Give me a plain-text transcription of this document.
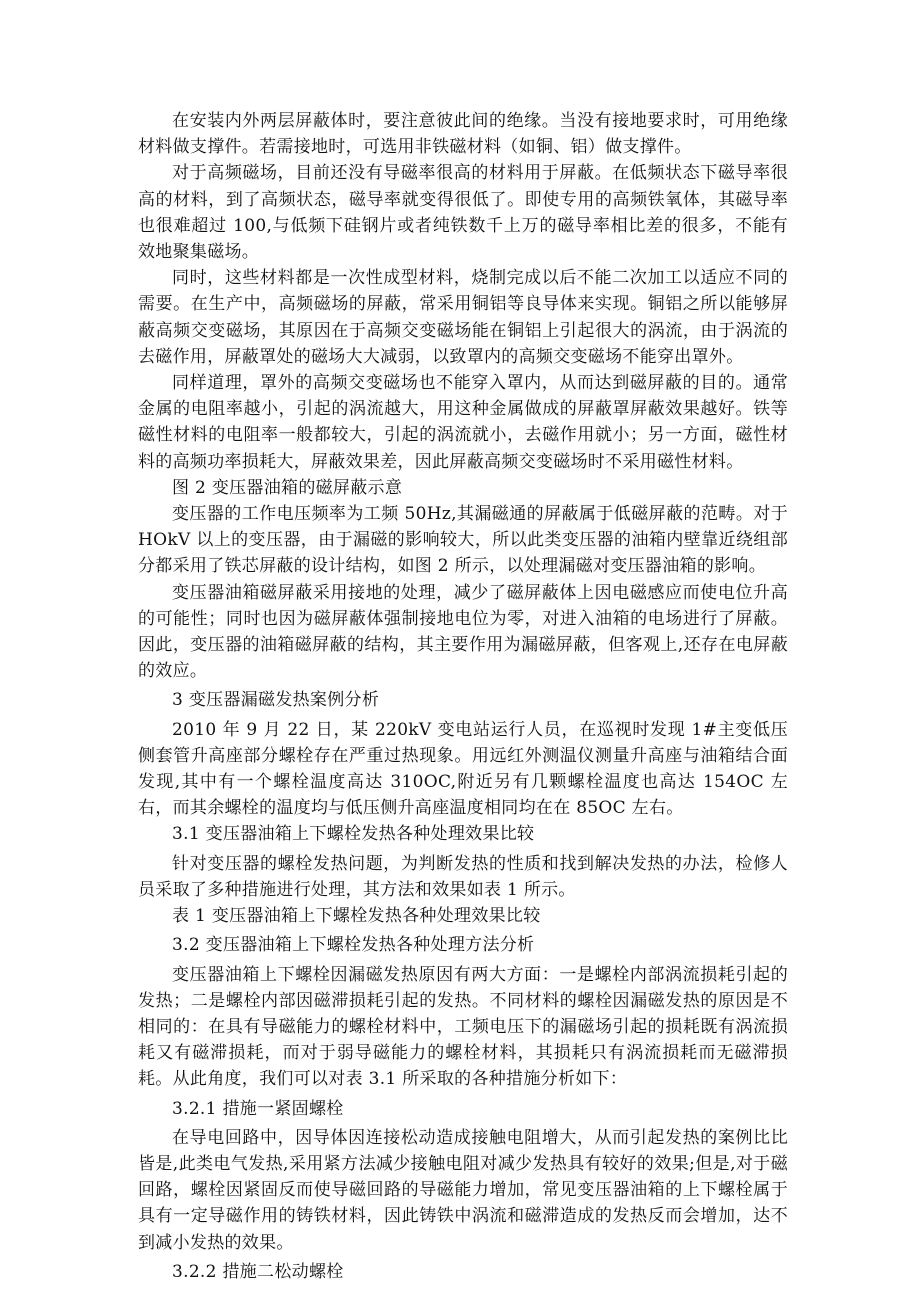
在安装内外两层屏蔽体时，要注意彼此间的绝缘。当没有接地要求时，可用绝缘材料做支撑件。若需接地时，可选用非铁磁材料（如铜、铝）做支撑件。

对于高频磁场，目前还没有导磁率很高的材料用于屏蔽。在低频状态下磁导率很高的材料，到了高频状态，磁导率就变得很低了。即使专用的高频铁氧体，其磁导率也很难超过 100,与低频下硅钢片或者纯铁数千上万的磁导率相比差的很多，不能有效地聚集磁场。

同时，这些材料都是一次性成型材料，烧制完成以后不能二次加工以适应不同的需要。在生产中，高频磁场的屏蔽，常采用铜铝等良导体来实现。铜铝之所以能够屏蔽高频交变磁场，其原因在于高频交变磁场能在铜铝上引起很大的涡流，由于涡流的去磁作用，屏蔽罩处的磁场大大减弱，以致罩内的高频交变磁场不能穿出罩外。

同样道理，罩外的高频交变磁场也不能穿入罩内，从而达到磁屏蔽的目的。通常金属的电阻率越小，引起的涡流越大，用这种金属做成的屏蔽罩屏蔽效果越好。铁等磁性材料的电阻率一般都较大，引起的涡流就小，去磁作用就小；另一方面，磁性材料的高频功率损耗大，屏蔽效果差，因此屏蔽高频交变磁场时不采用磁性材料。

图 2 变压器油箱的磁屏蔽示意

变压器的工作电压频率为工频 50Hz,其漏磁通的屏蔽属于低磁屏蔽的范畴。对于 HOkV 以上的变压器，由于漏磁的影响较大，所以此类变压器的油箱内壁靠近绕组部分都采用了铁芯屏蔽的设计结构，如图 2 所示，以处理漏磁对变压器油箱的影响。

变压器油箱磁屏蔽采用接地的处理，减少了磁屏蔽体上因电磁感应而使电位升高的可能性；同时也因为磁屏蔽体强制接地电位为零，对进入油箱的电场进行了屏蔽。因此，变压器的油箱磁屏蔽的结构，其主要作用为漏磁屏蔽，但客观上,还存在电屏蔽的效应。

3 变压器漏磁发热案例分析

2010 年 9 月 22 日，某 220kV 变电站运行人员，在巡视时发现 1#主变低压侧套管升高座部分螺栓存在严重过热现象。用远红外测温仪测量升高座与油箱结合面发现,其中有一个螺栓温度高达 310OC,附近另有几颗螺栓温度也高达 154OC 左右，而其余螺栓的温度均与低压侧升高座温度相同均在在 85OC 左右。

3.1 变压器油箱上下螺栓发热各种处理效果比较

针对变压器的螺栓发热问题，为判断发热的性质和找到解决发热的办法，检修人员采取了多种措施进行处理，其方法和效果如表 1 所示。

表 1 变压器油箱上下螺栓发热各种处理效果比较

3.2 变压器油箱上下螺栓发热各种处理方法分析

变压器油箱上下螺栓因漏磁发热原因有两大方面：一是螺栓内部涡流损耗引起的发热；二是螺栓内部因磁滞损耗引起的发热。不同材料的螺栓因漏磁发热的原因是不相同的：在具有导磁能力的螺栓材料中，工频电压下的漏磁场引起的损耗既有涡流损耗又有磁滞损耗，而对于弱导磁能力的螺栓材料，其损耗只有涡流损耗而无磁滞损耗。从此角度，我们可以对表 3.1 所采取的各种措施分析如下：

3.2.1 措施一紧固螺栓

在导电回路中，因导体因连接松动造成接触电阻增大，从而引起发热的案例比比皆是,此类电气发热,采用紧方法减少接触电阻对减少发热具有较好的效果;但是,对于磁回路，螺栓因紧固反而使导磁回路的导磁能力增加，常见变压器油箱的上下螺栓属于具有一定导磁作用的铸铁材料，因此铸铁中涡流和磁滞造成的发热反而会增加，达不到减小发热的效果。

3.2.2 措施二松动螺栓
